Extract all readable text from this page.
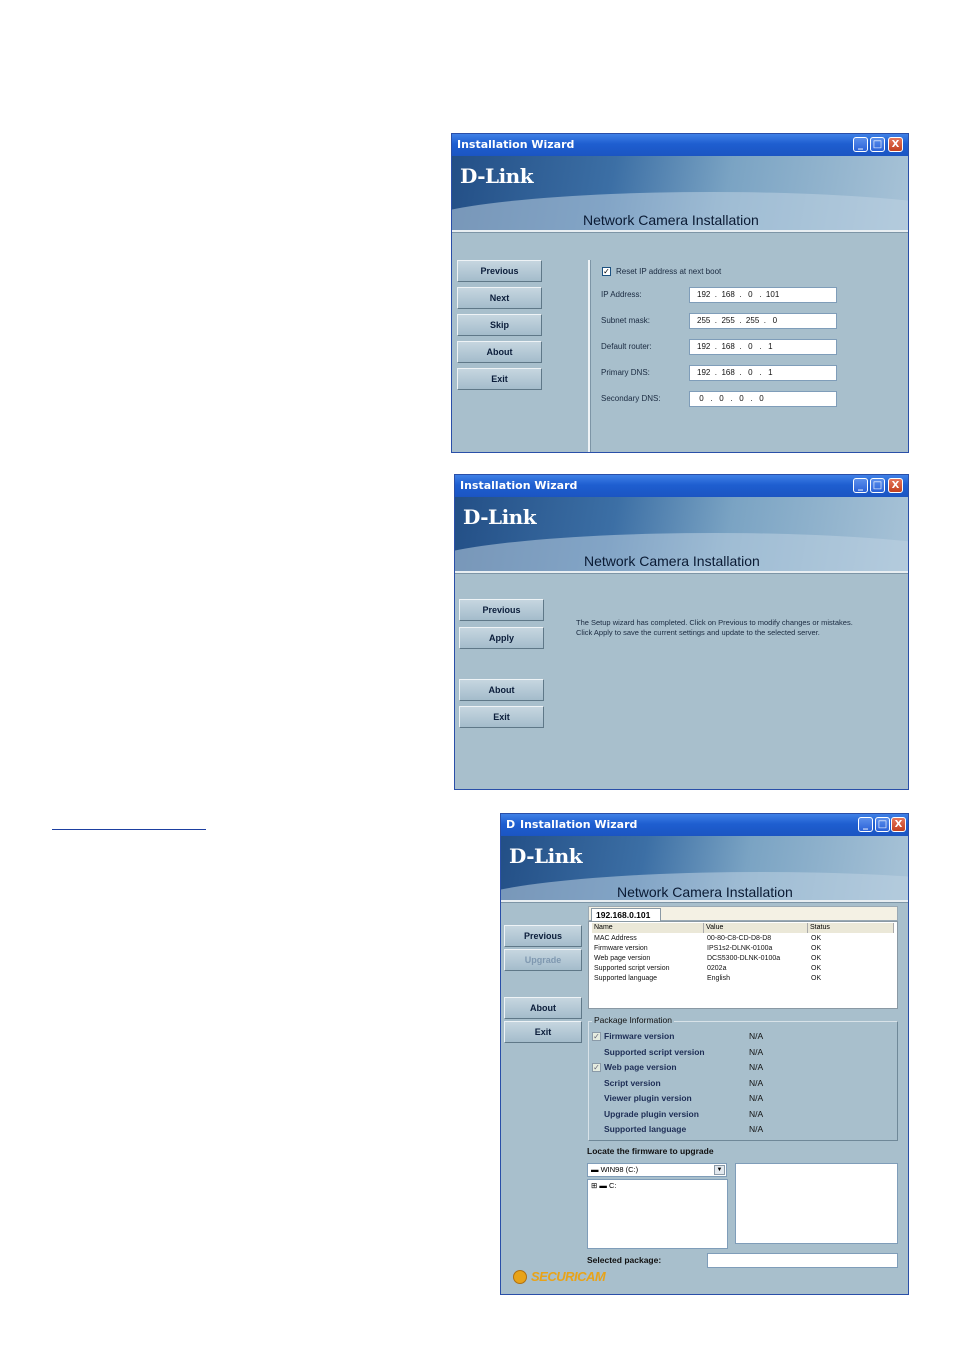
Installation Wizard	_ □ X
D-Link
Network Camera Installation
Previous
Next
Skip
About
Exit
✓ Reset IP address at next boot
IP Address:	192  .  168  .   0   .  101
Subnet mask:	255  .  255  .  255  .   0
Default router:	192  .  168  .   0   .   1
Primary DNS:	192  .  168  .   0   .   1
Secondary DNS:	0   .   0   .   0   .   0
Installation Wizard	_ □ X
D-Link
Network Camera Installation
Previous
Apply
About
Exit
The Setup wizard has completed. Click on Previous to modify changes or mistakes.
Click Apply to save the current settings and update to the selected server.
D Installation Wizard	_ □ X
D-Link
Network Camera Installation
Previous
Upgrade
About
Exit
192.168.0.101
Name	Value	Status
MAC Address	00-80-C8-CD-D8-D8	OK
Firmware version	IPS1s2-DLNK-0100a	OK
Web page version	DCS5300-DLNK-0100a	OK
Supported script version	0202a	OK
Supported language	English	OK
Package Information
✓ Firmware version	N/A
Supported script version	N/A
✓ Web page version	N/A
Script version	N/A
Viewer plugin version	N/A
Upgrade plugin version	N/A
Supported language	N/A
Locate the firmware to upgrade
▬ WIN98 (C:)	▼
⊞ ▬ C:
Selected package:
SECURICAM
